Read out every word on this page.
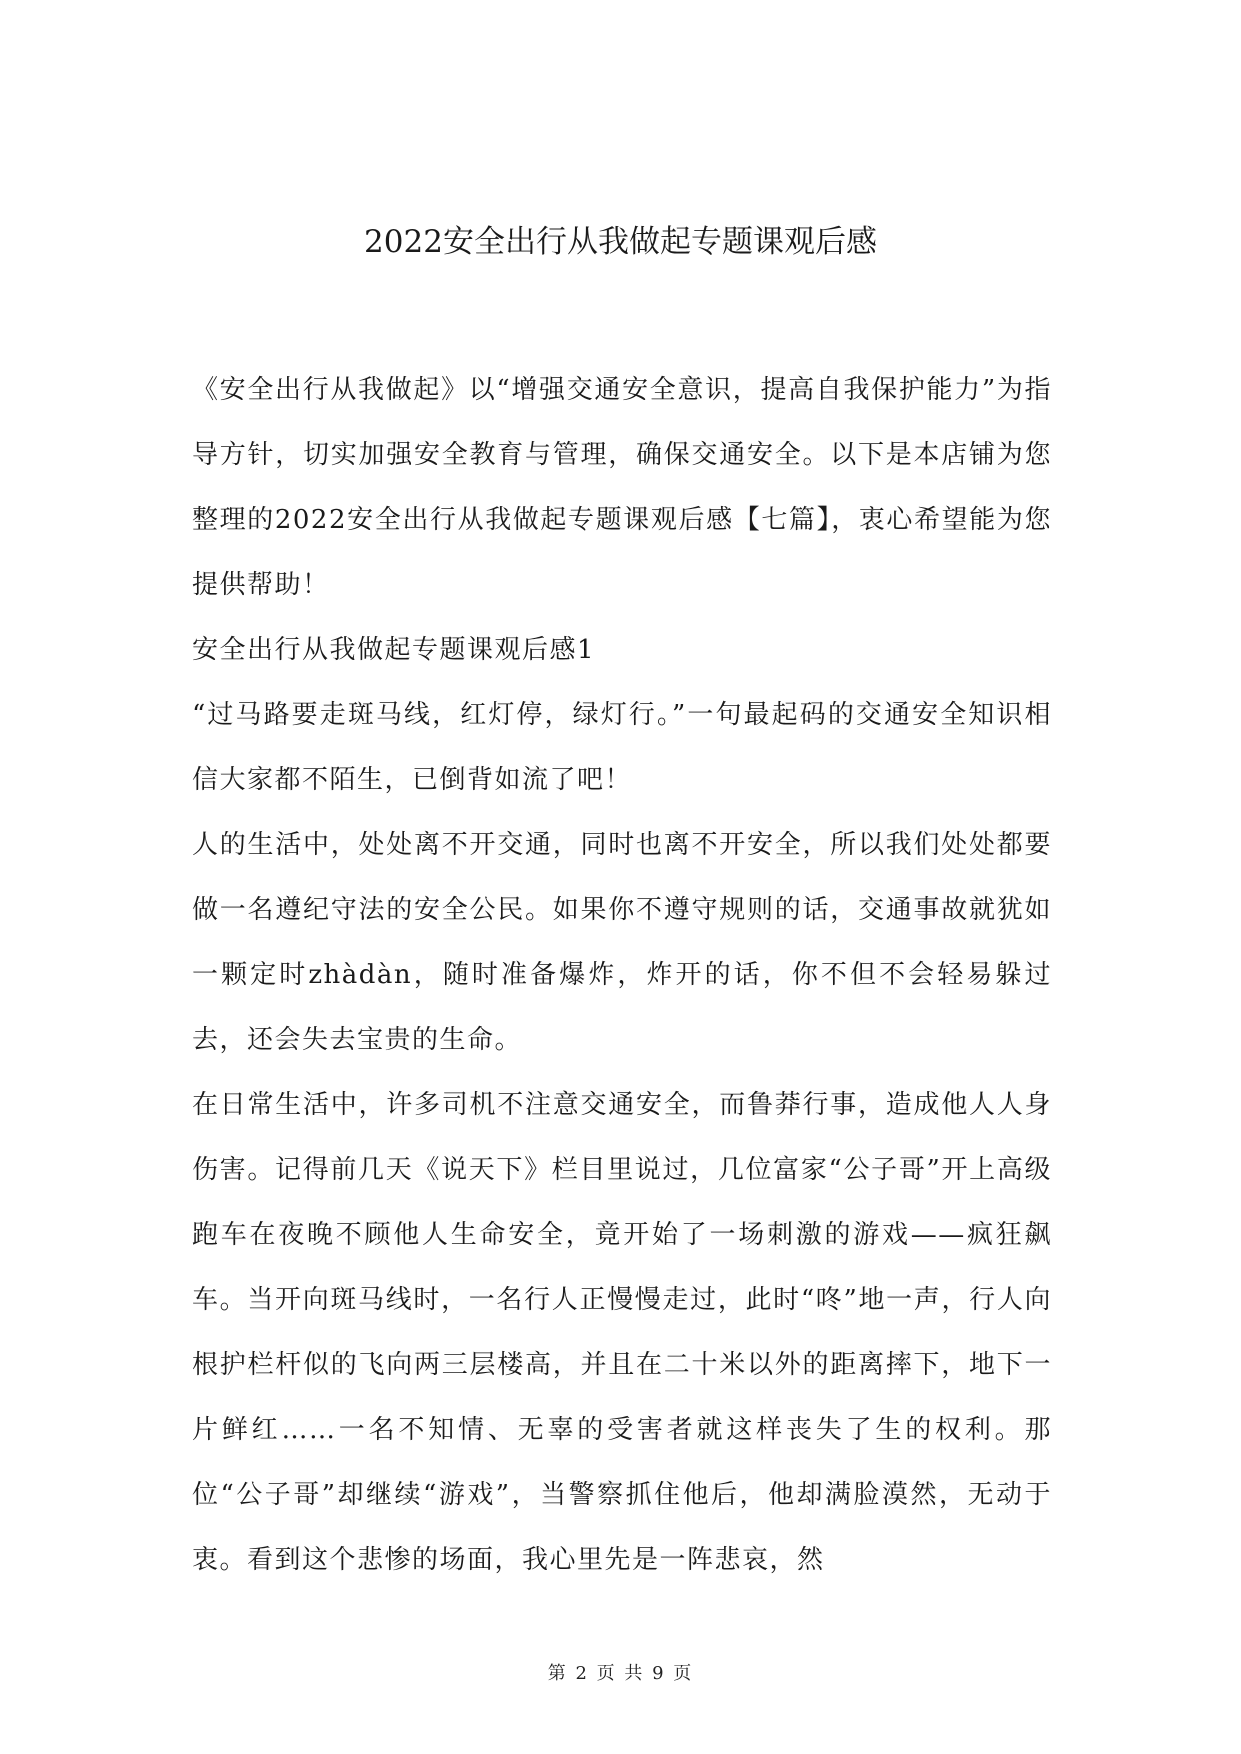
2022安全出行从我做起专题课观后感

《安全出行从我做起》以“增强交通安全意识，提高自我保护能力”为指导方针，切实加强安全教育与管理，确保交通安全。以下是本店铺为您整理的2022安全出行从我做起专题课观后感【七篇】，衷心希望能为您提供帮助！

安全出行从我做起专题课观后感1

“过马路要走斑马线，红灯停，绿灯行。”一句最起码的交通安全知识相信大家都不陌生，已倒背如流了吧！

人的生活中，处处离不开交通，同时也离不开安全，所以我们处处都要做一名遵纪守法的安全公民。如果你不遵守规则的话，交通事故就犹如一颗定时zhàdàn，随时准备爆炸，炸开的话，你不但不会轻易躲过去，还会失去宝贵的生命。

在日常生活中，许多司机不注意交通安全，而鲁莽行事，造成他人人身伤害。记得前几天《说天下》栏目里说过，几位富家“公子哥”开上高级跑车在夜晚不顾他人生命安全，竟开始了一场刺激的游戏——疯狂飙车。当开向斑马线时，一名行人正慢慢走过，此时“咚”地一声，行人向根护栏杆似的飞向两三层楼高，并且在二十米以外的距离摔下，地下一片鲜红……一名不知情、无辜的受害者就这样丧失了生的权利。那位“公子哥”却继续“游戏”，当警察抓住他后，他却满脸漠然，无动于衷。看到这个悲惨的场面，我心里先是一阵悲哀，然

第 2 页 共 9 页
